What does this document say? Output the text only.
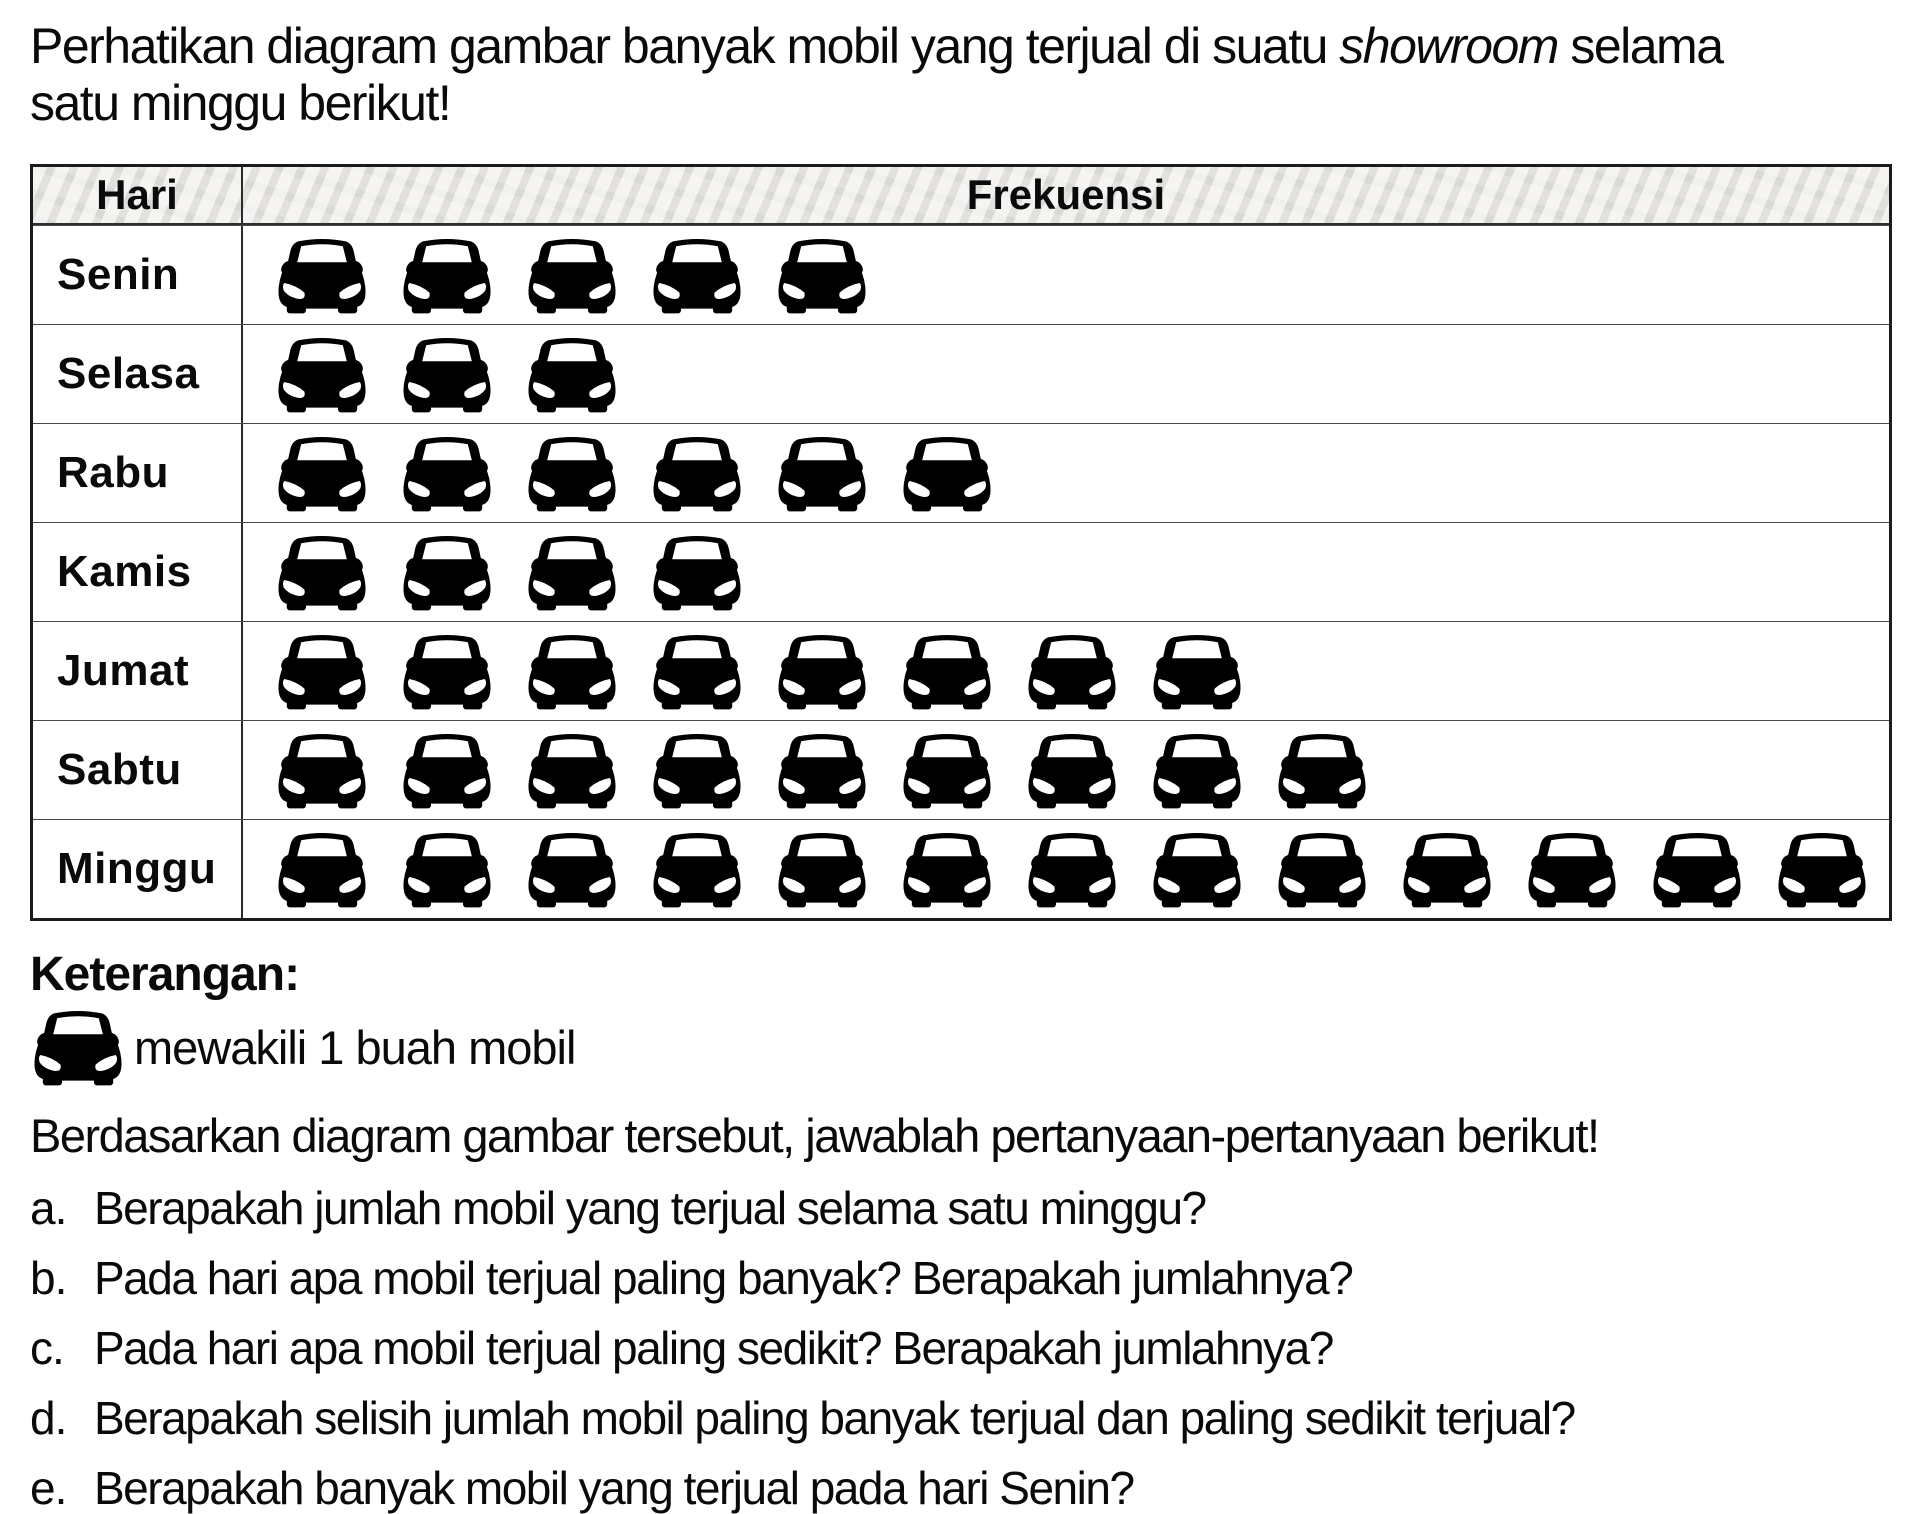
Perhatikan diagram gambar banyak mobil yang terjual di suatu showroom selama
satu minggu berikut!
Hari	Frekuensi
Senin
Selasa
Rabu
Kamis
Jumat
Sabtu
Minggu
Keterangan:
mewakili 1 buah mobil
Berdasarkan diagram gambar tersebut, jawablah pertanyaan-pertanyaan berikut!
a. Berapakah jumlah mobil yang terjual selama satu minggu?
b. Pada hari apa mobil terjual paling banyak? Berapakah jumlahnya?
c. Pada hari apa mobil terjual paling sedikit? Berapakah jumlahnya?
d. Berapakah selisih jumlah mobil paling banyak terjual dan paling sedikit terjual?
e. Berapakah banyak mobil yang terjual pada hari Senin?
